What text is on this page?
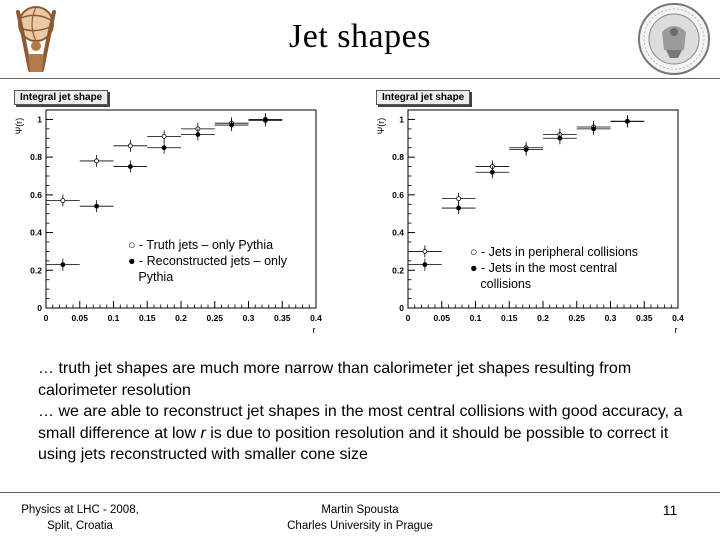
Jet shapes
0	0.05 0.1 0.15 0.2 0.25 0.3 0.35 0.4
0
0.2
0.4
0.6
0.8
1
r
Ψ(r)
Integral jet shape
○ - Truth jets – only Pythia
● - Reconstructed jets – only
Pythia
0	0.05 0.1 0.15 0.2 0.25 0.3 0.35 0.4
0
0.2
0.4
0.6
0.8
1
r
Ψ(r)
Integral jet shape
○ - Jets in peripheral collisions
● - Jets in the most central
collisions

… truth jet shapes are much more narrow than calorimeter jet shapes resulting from calorimeter resolution

… we are able to reconstruct jet shapes in the most central collisions with good accuracy, a small difference at low r is due to position resolution and it should be possible to correct it using jets reconstructed with smaller cone size

Physics at LHC - 2008,
Split, Croatia
Martin Spousta
Charles University in Prague
11
